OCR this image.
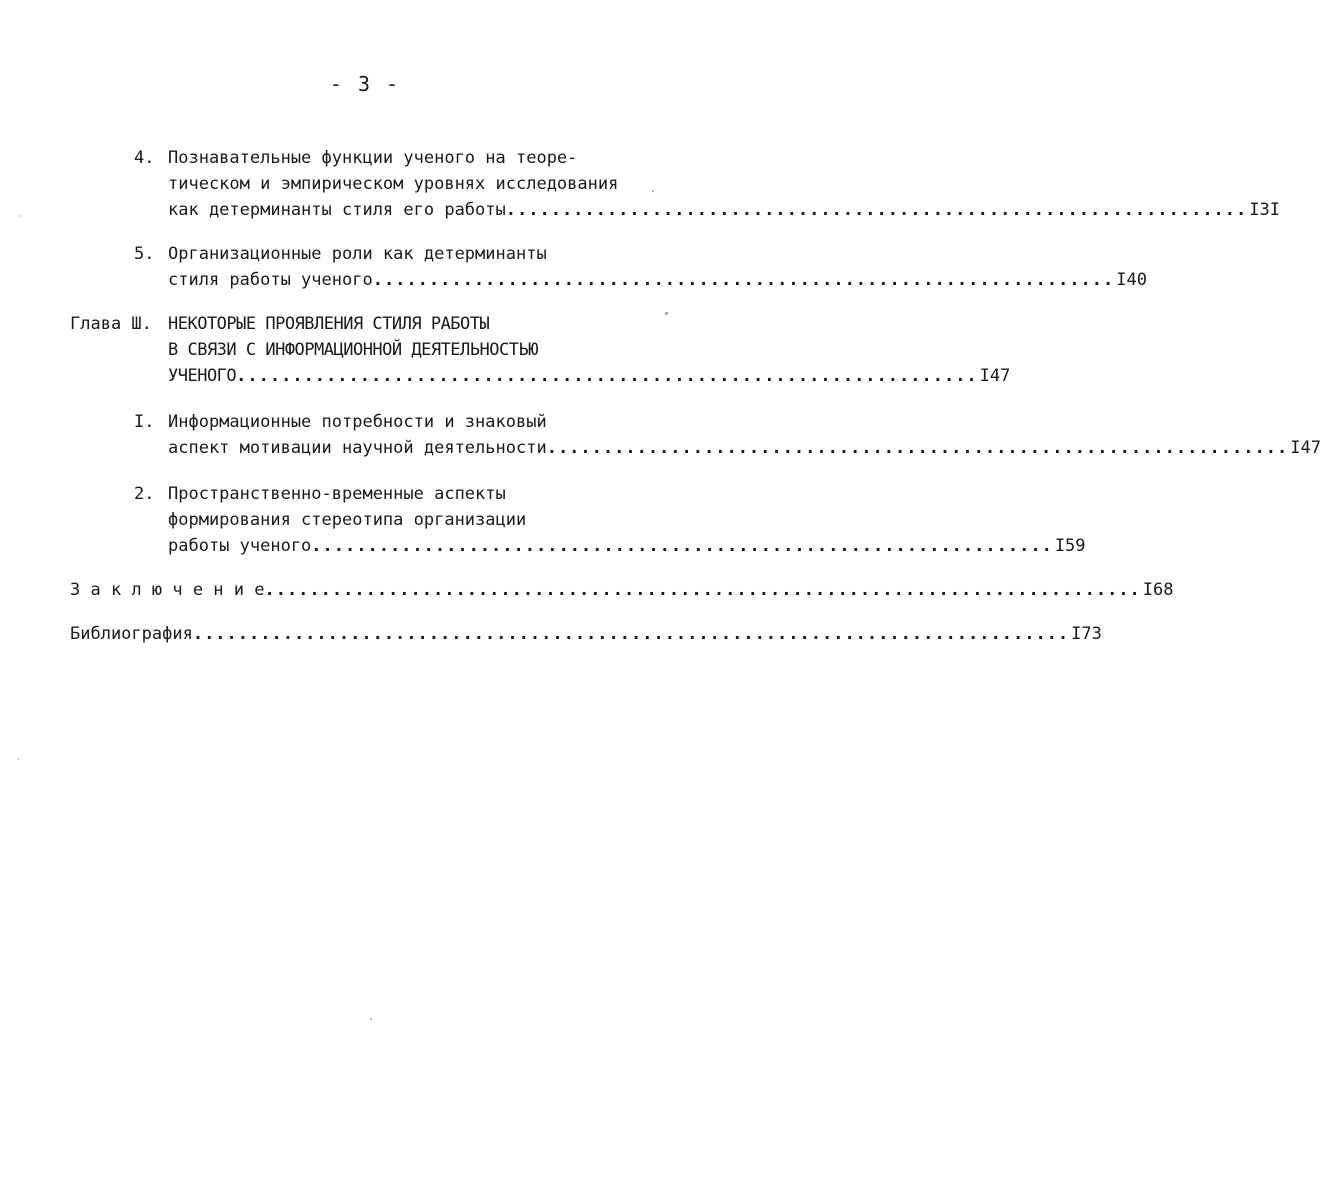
- 3 -
4. Познавательные функции ученого на теоре-
тическом и эмпирическом уровнях исследования
как детерминанты стиля его работы .................................................................. I3I
5. Организационные роли как детерминанты
стиля работы ученого .................................................................. I40
Глава Ш. НЕКОТОРЫЕ ПРОЯВЛЕНИЯ СТИЛЯ РАБОТЫ
В СВЯЗИ С ИНФОРМАЦИОННОЙ ДЕЯТЕЛЬНОСТЬЮ
УЧЕНОГО .................................................................. I47
I. Информационные потребности и знаковый
аспект мотивации научной деятельности .................................................................. I47
2. Пространственно-временные аспекты
формирования стереотипа организации
работы ученого .................................................................. I59
З а к л ю ч е н и е .............................................................................. I68
Библиография .............................................................................. I73
